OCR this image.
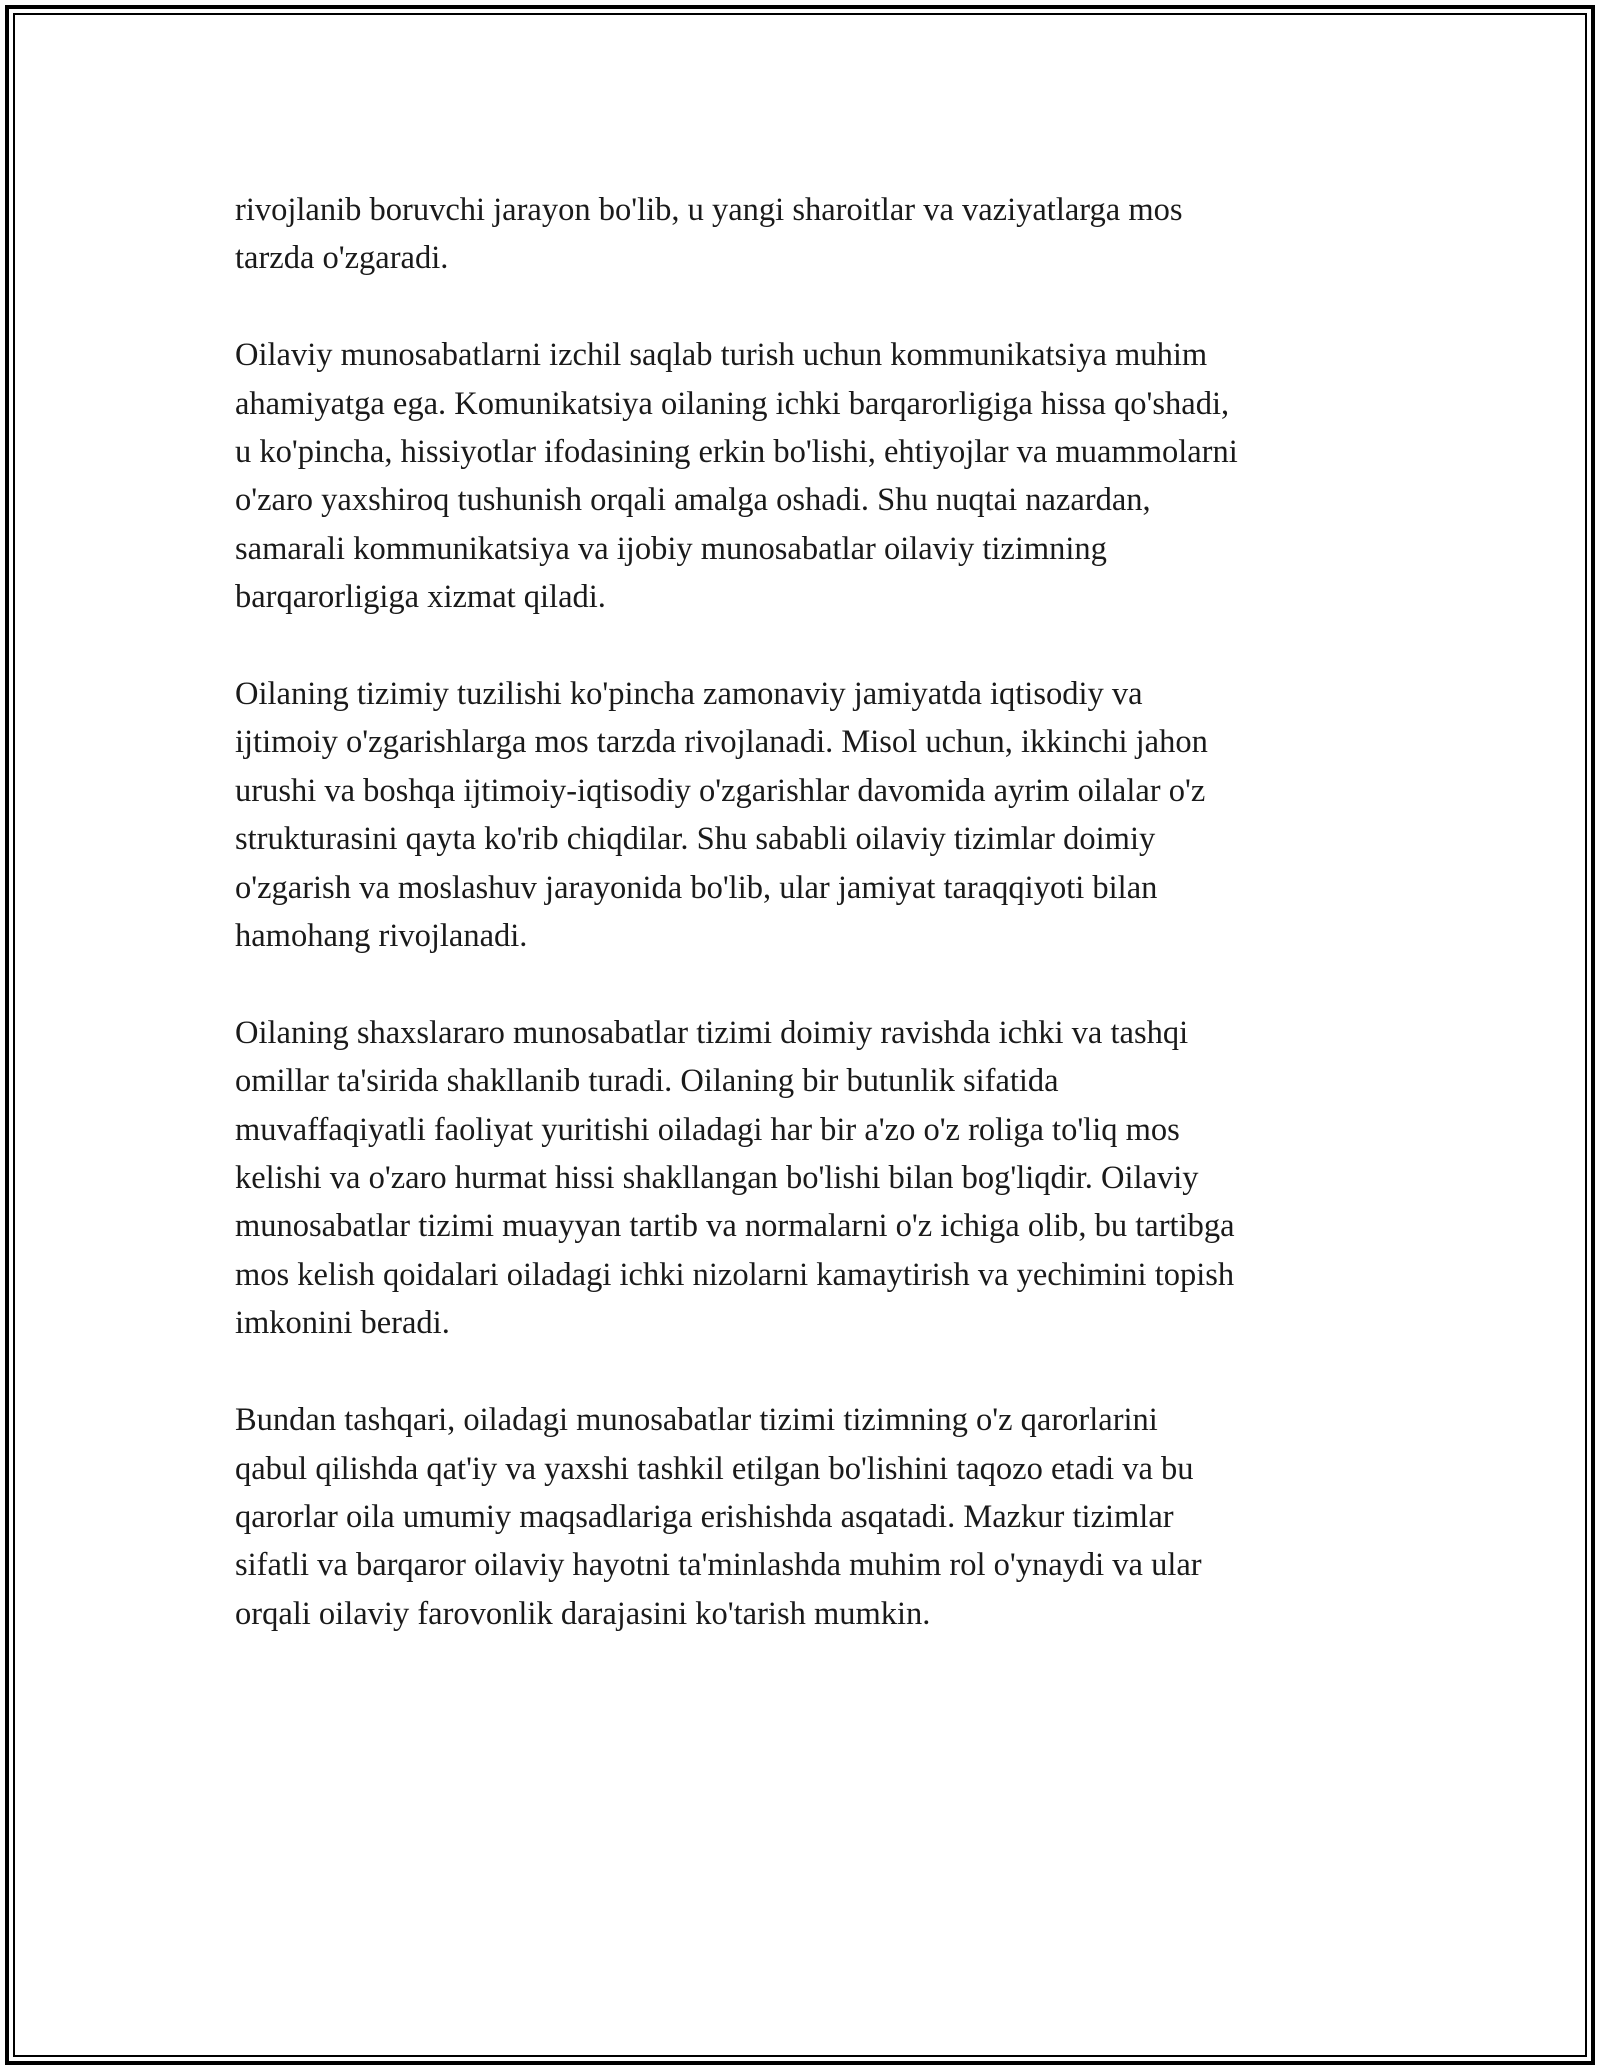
rivojlanib boruvchi jarayon bo'lib, u yangi sharoitlar va vaziyatlarga mos
tarzda o'zgaradi.

Oilaviy munosabatlarni izchil saqlab turish uchun kommunikatsiya muhim
ahamiyatga ega. Komunikatsiya oilaning ichki barqarorligiga hissa qo'shadi,
u ko'pincha, hissiyotlar ifodasining erkin bo'lishi, ehtiyojlar va muammolarni
o'zaro yaxshiroq tushunish orqali amalga oshadi. Shu nuqtai nazardan,
samarali kommunikatsiya va ijobiy munosabatlar oilaviy tizimning
barqarorligiga xizmat qiladi.

Oilaning tizimiy tuzilishi ko'pincha zamonaviy jamiyatda iqtisodiy va
ijtimoiy o'zgarishlarga mos tarzda rivojlanadi. Misol uchun, ikkinchi jahon
urushi va boshqa ijtimoiy-iqtisodiy o'zgarishlar davomida ayrim oilalar o'z
strukturasini qayta ko'rib chiqdilar. Shu sababli oilaviy tizimlar doimiy
o'zgarish va moslashuv jarayonida bo'lib, ular jamiyat taraqqiyoti bilan
hamohang rivojlanadi.

Oilaning shaxslararo munosabatlar tizimi doimiy ravishda ichki va tashqi
omillar ta'sirida shakllanib turadi. Oilaning bir butunlik sifatida
muvaffaqiyatli faoliyat yuritishi oiladagi har bir a'zo o'z roliga to'liq mos
kelishi va o'zaro hurmat hissi shakllangan bo'lishi bilan bog'liqdir. Oilaviy
munosabatlar tizimi muayyan tartib va normalarni o'z ichiga olib, bu tartibga
mos kelish qoidalari oiladagi ichki nizolarni kamaytirish va yechimini topish
imkonini beradi.

Bundan tashqari, oiladagi munosabatlar tizimi tizimning o'z qarorlarini
qabul qilishda qat'iy va yaxshi tashkil etilgan bo'lishini taqozo etadi va bu
qarorlar oila umumiy maqsadlariga erishishda asqatadi. Mazkur tizimlar
sifatli va barqaror oilaviy hayotni ta'minlashda muhim rol o'ynaydi va ular
orqali oilaviy farovonlik darajasini ko'tarish mumkin.
